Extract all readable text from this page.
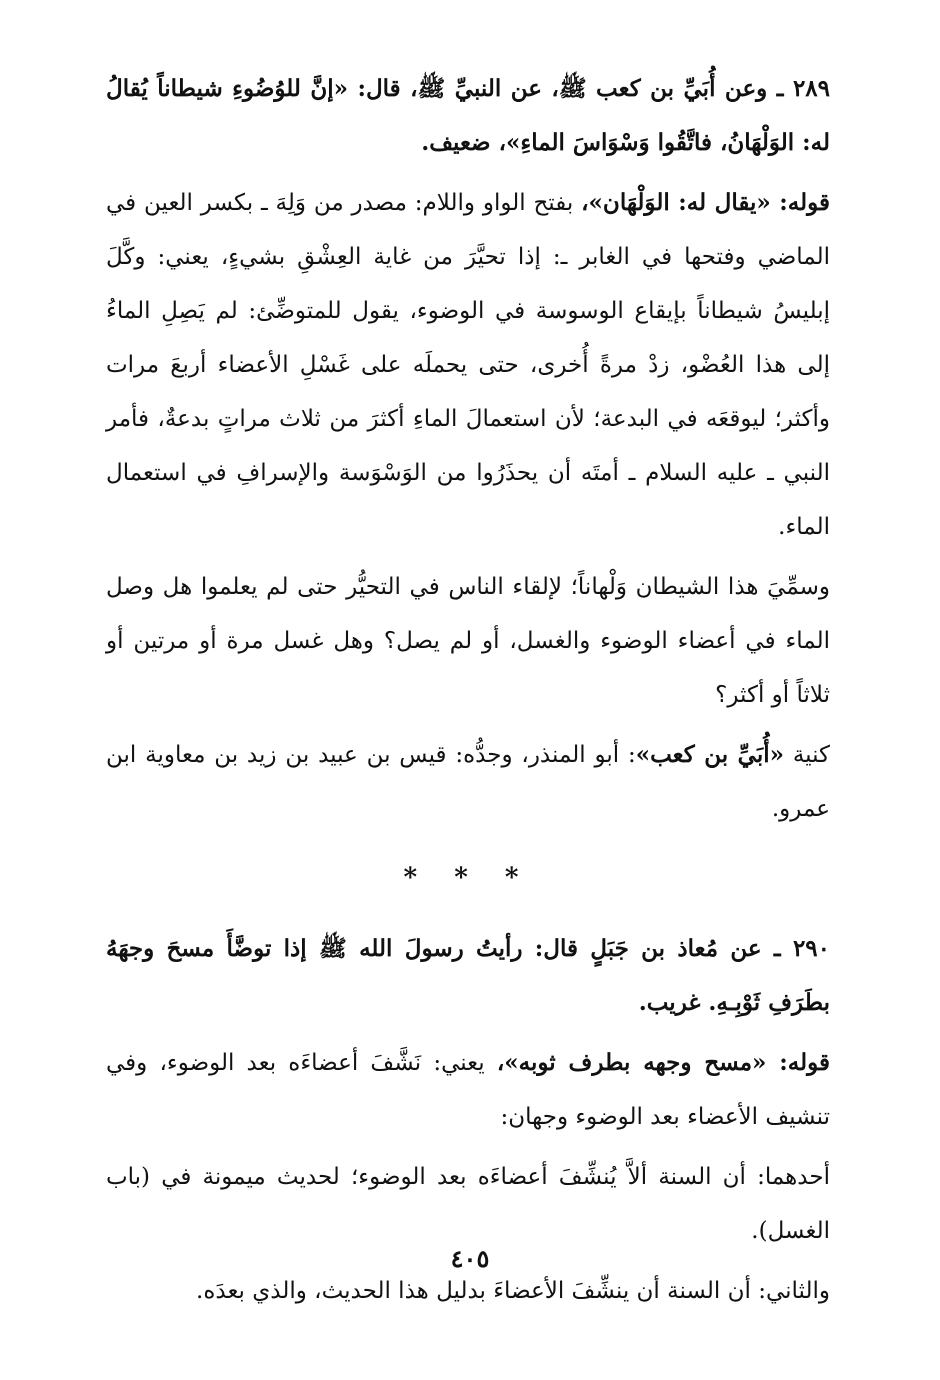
٢٨٩ ـ وعن أُبَيِّ بن كعب ﷺ، عن النبيِّ ﷺ، قال: «إنَّ للوُضُوءِ شيطاناً يُقالُ له: الوَلْهَانُ، فاتَّقُوا وَسْوَاسَ الماءِ»، ضعيف.

قوله: «يقال له: الوَلْهَان»، بفتح الواو واللام: مصدر من وَلِهَ ـ بكسر العين في الماضي وفتحها في الغابر ـ: إذا تحيَّرَ من غاية العِشْقِ بشيءٍ، يعني: وكَّلَ إبليسُ شيطاناً بإيقاع الوسوسة في الوضوء، يقول للمتوضِّئ: لم يَصِلِ الماءُ إلى هذا العُضْو، زدْ مرةً أُخرى، حتى يحملَه على غَسْلِ الأعضاء أربعَ مرات وأكثر؛ ليوقعَه في البدعة؛ لأن استعمالَ الماءِ أكثرَ من ثلاث مراتٍ بدعةٌ، فأمر النبي ـ عليه السلام ـ أمتَه أن يحذَرُوا من الوَسْوَسة والإسرافِ في استعمال الماء.

وسمِّيَ هذا الشيطان وَلْهاناً؛ لإلقاء الناس في التحيُّر حتى لم يعلموا هل وصل الماء في أعضاء الوضوء والغسل، أو لم يصل؟ وهل غسل مرة أو مرتين أو ثلاثاً أو أكثر؟

كنية «أُبَيِّ بن كعب»: أبو المنذر، وجدُّه: قيس بن عبيد بن زيد بن معاوية ابن عمرو.

* * *

٢٩٠ ـ عن مُعاذ بن جَبَلٍ قال: رأيتُ رسولَ الله ﷺ إذا توضَّأَ مسحَ وجهَهُ بطَرَفِ ثَوْبِـهِ. غريب.

قوله: «مسح وجهه بطرف ثوبه»، يعني: نَشَّفَ أعضاءَه بعد الوضوء، وفي تنشيف الأعضاء بعد الوضوء وجهان:

أحدهما: أن السنة ألاَّ يُنشِّفَ أعضاءَه بعد الوضوء؛ لحديث ميمونة في (باب الغسل).

والثاني: أن السنة أن ينشِّفَ الأعضاءَ بدليل هذا الحديث، والذي بعدَه.

٤٠٥
